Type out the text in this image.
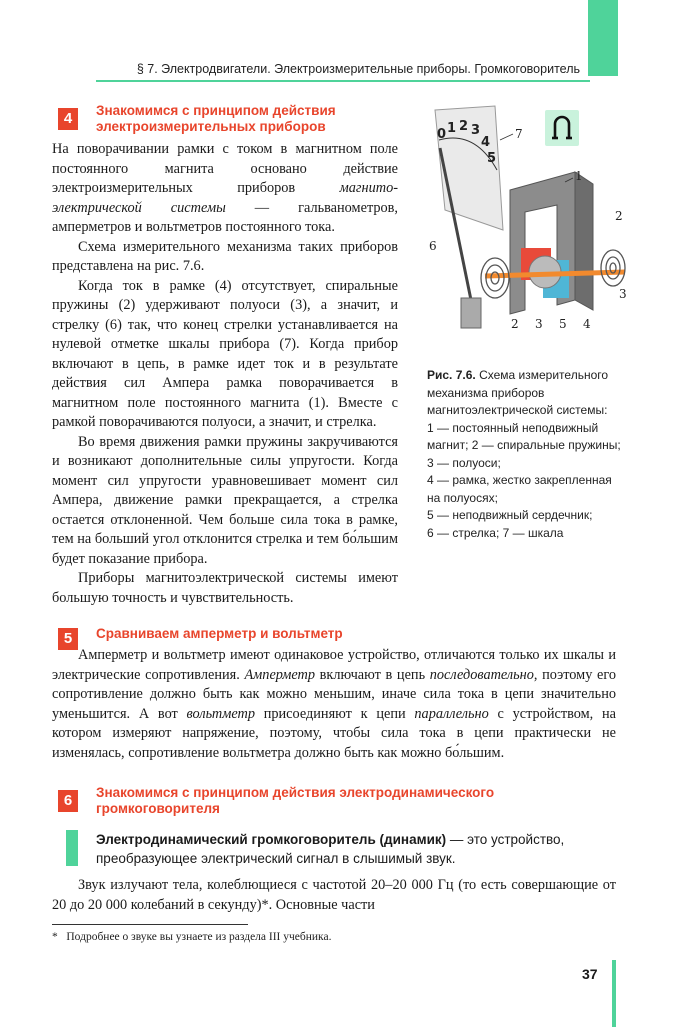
§ 7. Электродвигатели. Электроизмерительные приборы. Громкоговоритель
4	Знакомимся с принципом действия
электроизмерительных приборов

На поворачивании рамки с током в магнитном поле постоянного магнита основано действие электроизмерительных приборов магнитоэлектрической системы — гальванометров, амперметров и вольтметров постоянного тока.

Схема измерительного механизма таких приборов представлена на рис. 7.6.

Когда ток в рамке (4) отсутствует, спиральные пружины (2) удерживают полуоси (3), а значит, и стрелку (6) так, что конец стрелки устанавливается на нулевой отметке шкалы прибора (7). Когда прибор включают в цепь, в рамке идет ток и в результате действия сил Ампера рамка поворачивается в магнитном поле постоянного магнита (1). Вместе с рамкой поворачиваются полуоси, а значит, и стрелка.

Во время движения рамки пружины закручиваются и возникают дополнительные силы упругости. Когда момент сил упругости уравновешивает момент сил Ампера, движение рамки прекращается, а стрелка остается отклоненной. Чем больше сила тока в рамке, тем на больший угол отклонится стрелка и тем бо́льшим будет показание прибора.

Приборы магнитоэлектрической системы имеют большую точность и чувствительность.

0 1 2 3
4
5
7
1
2
6
3
2 3 5 4
Рис. 7.6. Схема измерительного механизма приборов магнитоэлектрической системы:
1 — постоянный неподвижный магнит; 2 — спиральные пружины; 3 — полуоси;
4 — рамка, жестко закрепленная на полуосях;
5 — неподвижный сердечник;
6 — стрелка; 7 — шкала
5	Сравниваем амперметр и вольтметр

Амперметр и вольтметр имеют одинаковое устройство, отличаются только их шкалы и электрические сопротивления. Амперметр включают в цепь последовательно, поэтому его сопротивление должно быть как можно меньшим, иначе сила тока в цепи значительно уменьшится. А вот вольтметр присоединяют к цепи параллельно с устройством, на котором измеряют напряжение, поэтому, чтобы сила тока в цепи практически не изменялась, сопротивление вольтметра должно быть как можно бо́льшим.

6	Знакомимся с принципом действия электродинамического
громкоговорителя
Электродинамический громкоговоритель (динамик) — это устройство, преобразующее электрический сигнал в слышимый звук.

Звук излучают тела, колеблющиеся с частотой 20–20 000 Гц (то есть совершающие от 20 до 20 000 колебаний в секунду)*. Основные части

* Подробнее о звуке вы узнаете из раздела III учебника.
37
